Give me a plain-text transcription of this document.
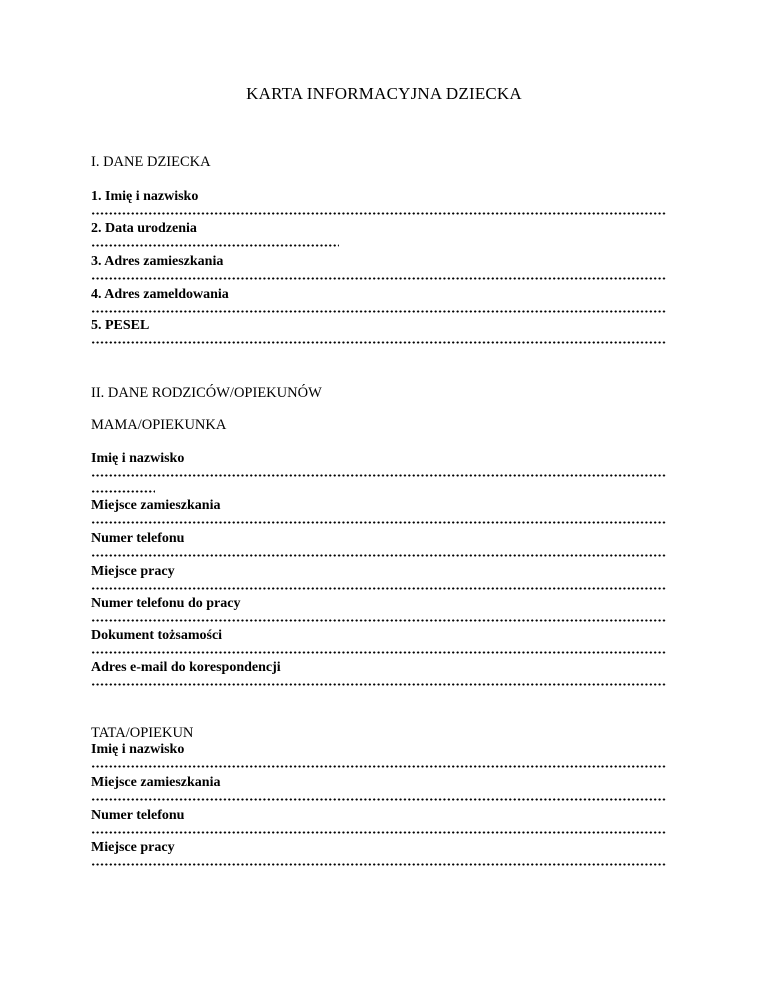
KARTA INFORMACYJNA DZIECKA
I. DANE DZIECKA
1. Imię i nazwisko
2. Data urodzenia
3. Adres zamieszkania
4. Adres zameldowania
5. PESEL
II. DANE RODZICÓW/OPIEKUNÓW
MAMA/OPIEKUNKA
Imię i nazwisko
Miejsce zamieszkania
Numer telefonu
Miejsce pracy
Numer telefonu do pracy
Dokument tożsamości
Adres e-mail do korespondencji
TATA/OPIEKUN
Imię i nazwisko
Miejsce zamieszkania
Numer telefonu
Miejsce pracy
